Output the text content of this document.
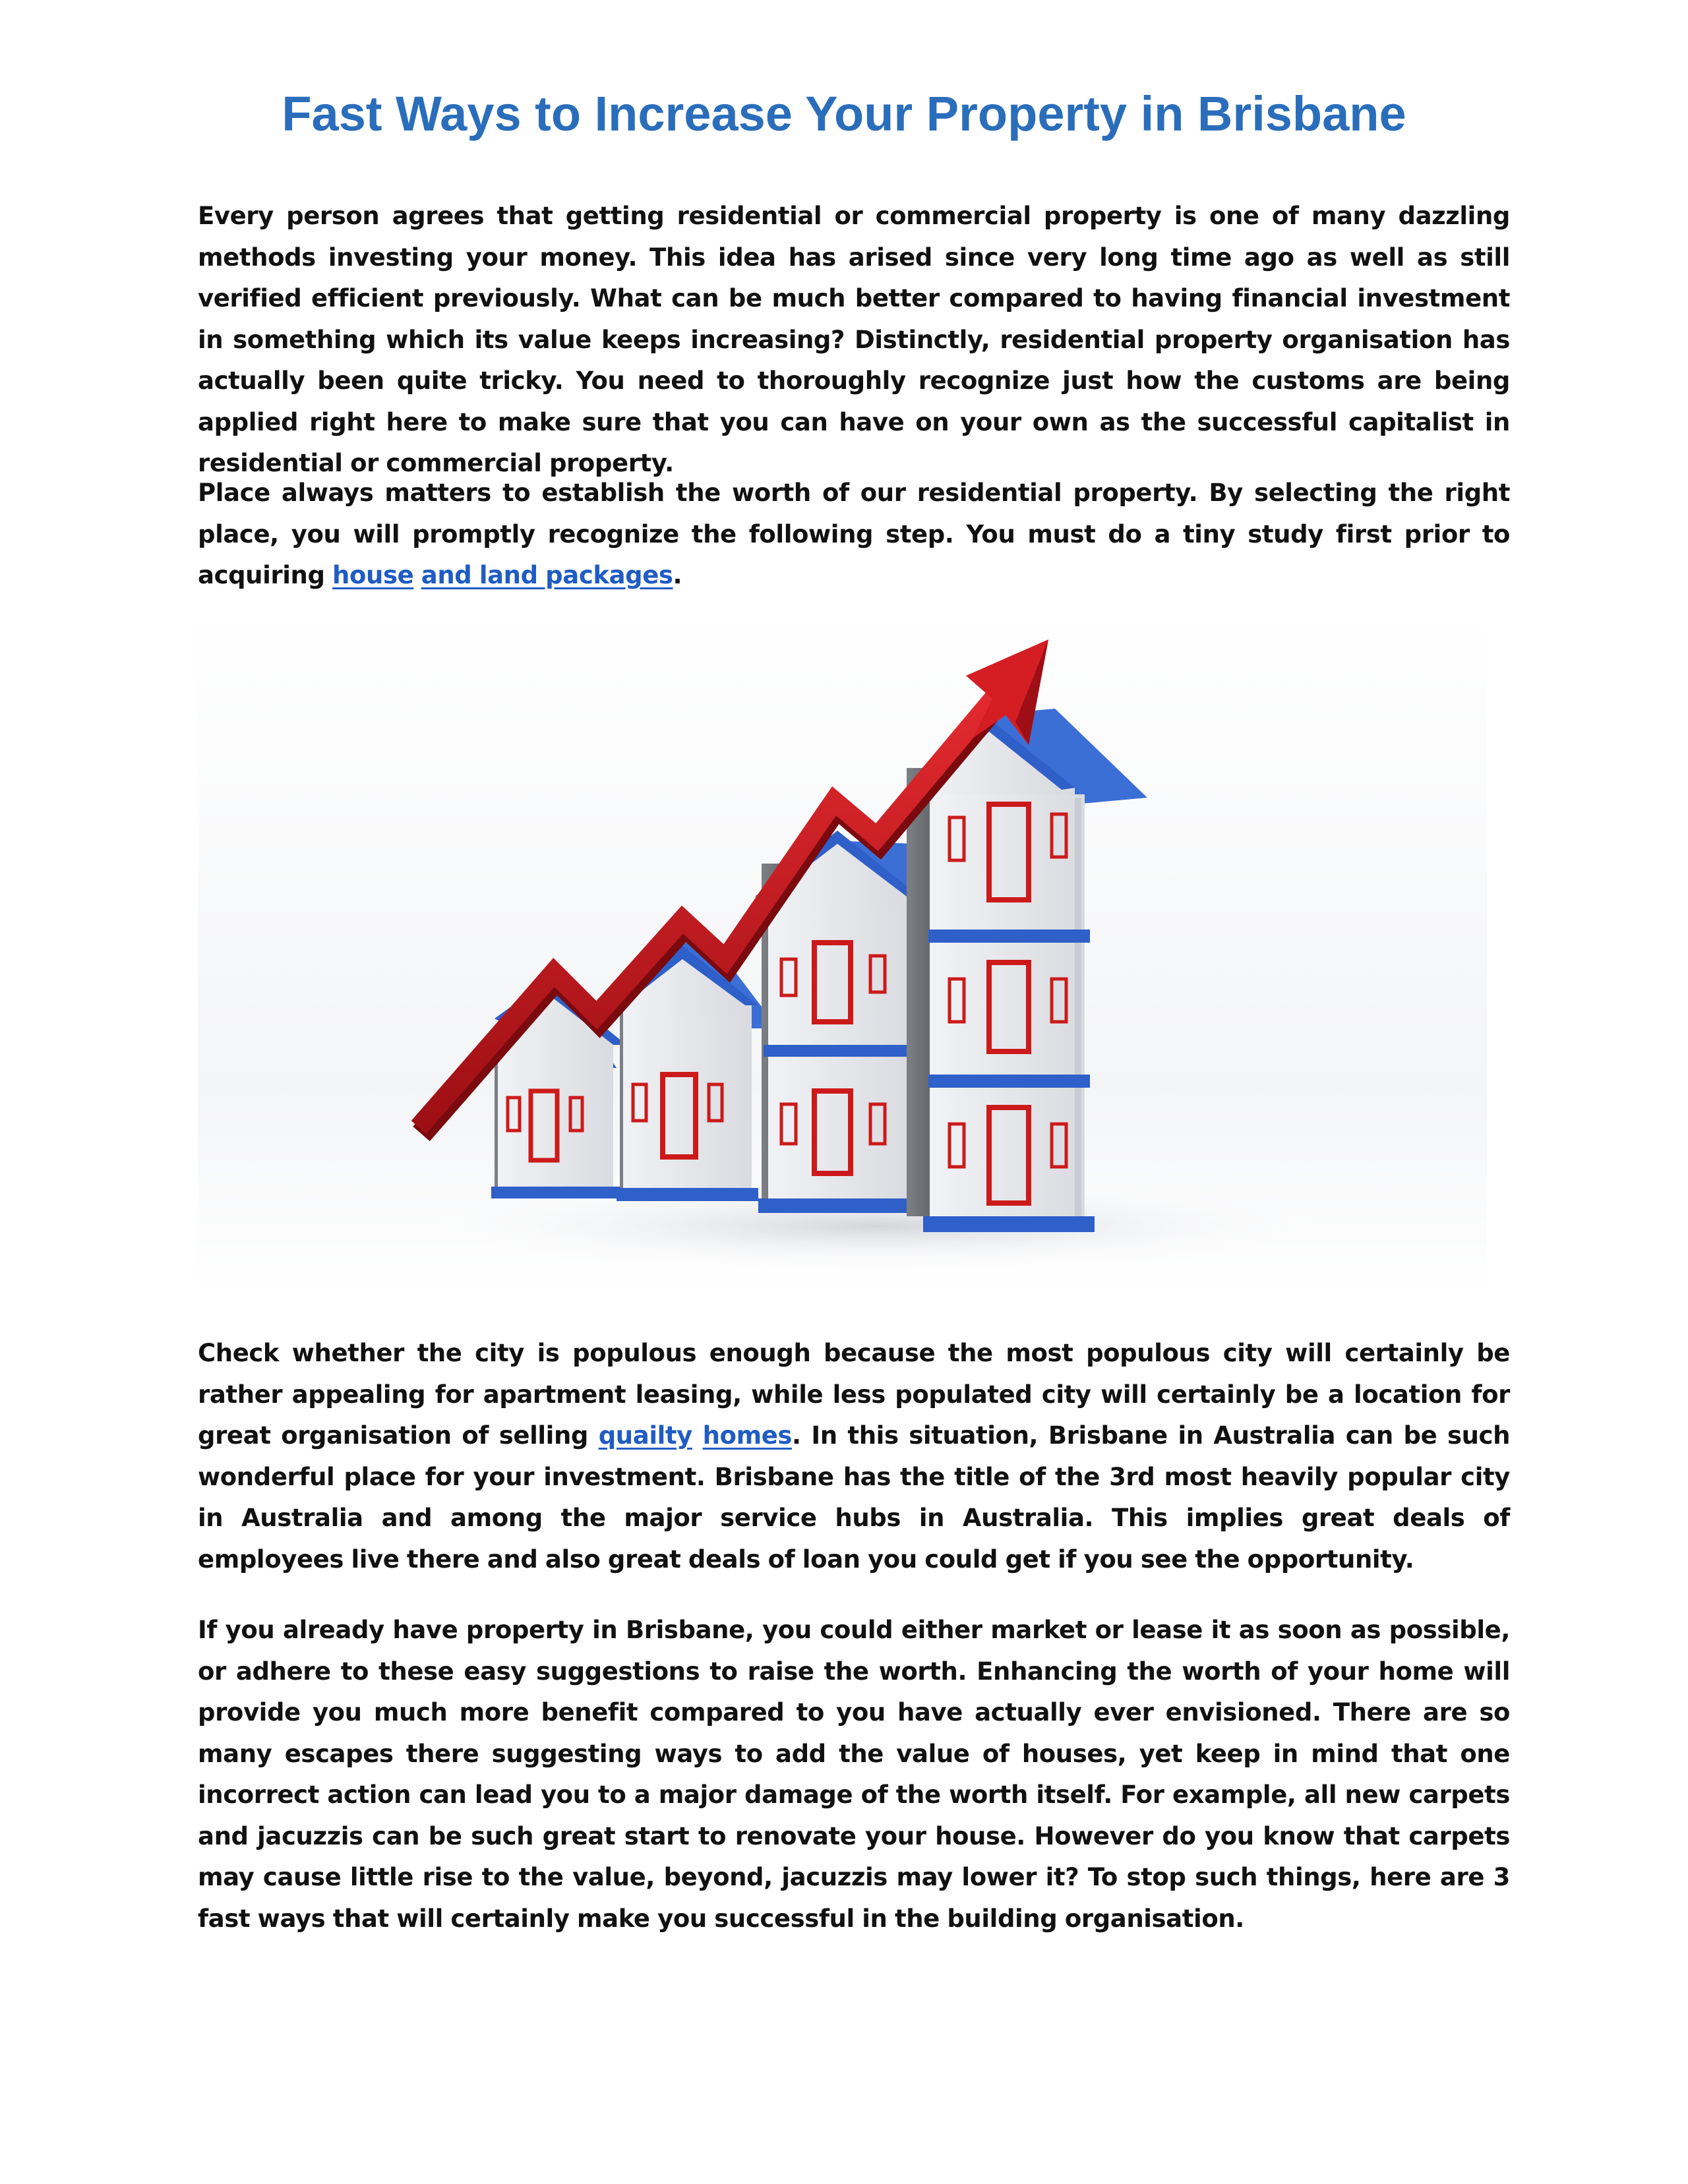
Fast Ways to Increase Your Property in Brisbane

Every person agrees that getting residential or commercial property is one of many dazzling methods investing your money. This idea has arised since very long time ago as well as still verified efficient previously. What can be much better compared to having financial investment in something which its value keeps increasing? Distinctly, residential property organisation has actually been quite tricky. You need to thoroughly recognize just how the customs are being applied right here to make sure that you can have on your own as the successful capitalist in residential or commercial property.

Place always matters to establish the worth of our residential property. By selecting the right place, you will promptly recognize the following step. You must do a tiny study first prior to acquiring house and land packages.

Check whether the city is populous enough because the most populous city will certainly be rather appealing for apartment leasing, while less populated city will certainly be a location for great organisation of selling quailty homes. In this situation, Brisbane in Australia can be such wonderful place for your investment. Brisbane has the title of the 3rd most heavily popular city in Australia and among the major service hubs in Australia. This implies great deals of employees live there and also great deals of loan you could get if you see the opportunity.

If you already have property in Brisbane, you could either market or lease it as soon as possible, or adhere to these easy suggestions to raise the worth. Enhancing the worth of your home will provide you much more benefit compared to you have actually ever envisioned. There are so many escapes there suggesting ways to add the value of houses, yet keep in mind that one incorrect action can lead you to a major damage of the worth itself. For example, all new carpets and jacuzzis can be such great start to renovate your house. However do you know that carpets may cause little rise to the value, beyond, jacuzzis may lower it? To stop such things, here are 3 fast ways that will certainly make you successful in the building organisation.
